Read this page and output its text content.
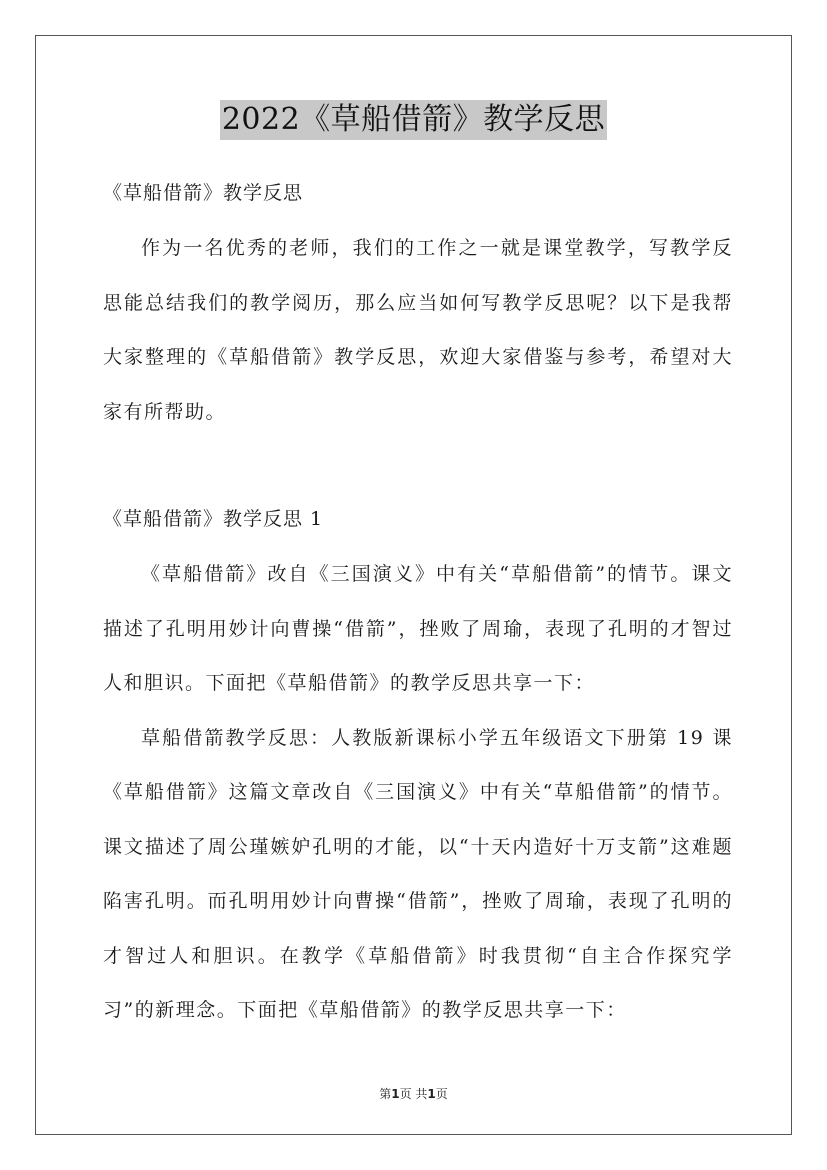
2022《草船借箭》教学反思
《草船借箭》教学反思

作为一名优秀的老师，我们的工作之一就是课堂教学，写教学反思能总结我们的教学阅历，那么应当如何写教学反思呢？以下是我帮大家整理的《草船借箭》教学反思，欢迎大家借鉴与参考，希望对大家有所帮助。

《草船借箭》教学反思 1

《草船借箭》改自《三国演义》中有关“草船借箭”的情节。课文描述了孔明用妙计向曹操“借箭”，挫败了周瑜，表现了孔明的才智过人和胆识。下面把《草船借箭》的教学反思共享一下：

草船借箭教学反思：人教版新课标小学五年级语文下册第 19 课《草船借箭》这篇文章改自《三国演义》中有关“草船借箭”的情节。课文描述了周公瑾嫉妒孔明的才能，以“十天内造好十万支箭”这难题陷害孔明。而孔明用妙计向曹操“借箭”，挫败了周瑜，表现了孔明的才智过人和胆识。在教学《草船借箭》时我贯彻“自主合作探究学习”的新理念。下面把《草船借箭》的教学反思共享一下：

第1页 共1页
